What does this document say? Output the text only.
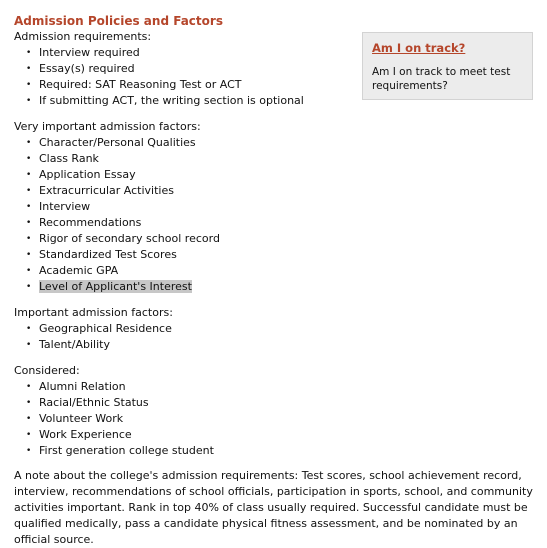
Admission Policies and Factors
Admission requirements:
• Interview required
• Essay(s) required
• Required: SAT Reasoning Test or ACT
• If submitting ACT, the writing section is optional
Very important admission factors:
• Character/Personal Qualities
• Class Rank
• Application Essay
• Extracurricular Activities
• Interview
• Recommendations
• Rigor of secondary school record
• Standardized Test Scores
• Academic GPA
• Level of Applicant's Interest
Important admission factors:
• Geographical Residence
• Talent/Ability
Considered:
• Alumni Relation
• Racial/Ethnic Status
• Volunteer Work
• Work Experience
• First generation college student

A note about the college's admission requirements: Test scores, school achievement record, interview, recommendations of school officials, participation in sports, school, and community activities important. Rank in top 40% of class usually required. Successful candidate must be qualified medically, pass a candidate physical fitness assessment, and be nominated by an official source.

Am I on track?
Am I on track to meet test requirements?
